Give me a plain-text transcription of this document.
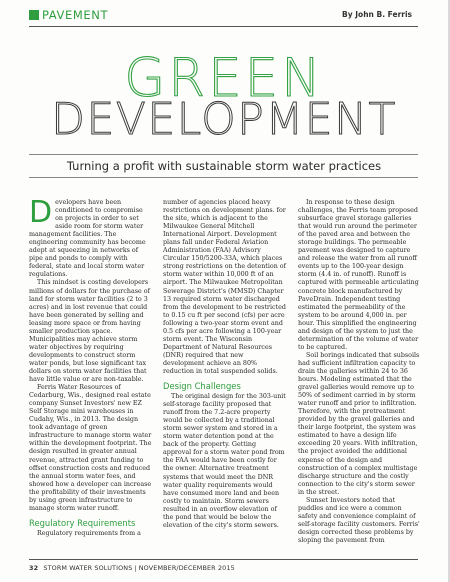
PAVEMENT	By John B. Ferris
GREEN
DEVELOPMENT
Turning a profit with sustainable storm water practices

Developers have been conditioned to compromise on projects in order to set aside room for storm water management facilities. The engineering community has become adept at squeezing in networks of pipe and ponds to comply with federal, state and local storm water regulations.

This mindset is costing developers millions of dollars for the purchase of land for storm water facilities (2 to 3 acres) and in lost revenue that could have been generated by selling and leasing more space or from having smaller production space. Municipalities may achieve storm water objectives by requiring developments to construct storm water ponds, but lose significant tax dollars on storm water facilities that have little value or are non-taxable.

Ferris Water Resources of Cedarburg, Wis., designed real estate company Sunset Investors' new EZ Self Storage mini warehouses in Cudahy, Wis., in 2013. The design took advantage of green infrastructure to manage storm water within the development footprint. The design resulted in greater annual revenue, attracted grant funding to offset construction costs and reduced the annual storm water fees, and showed how a developer can increase the profitability of their investments by using green infrastructure to manage storm water runoff.

Regulatory Requirements

Regulatory requirements from a

number of agencies placed heavy restrictions on development plans. for the site, which is adjacent to the Milwaukee General Mitchell International Airport. Development plans fall under Federal Aviation Administration (FAA) Advisory Circular 150/5200-33A, which places strong restrictions on the detention of storm water within 10,000 ft of an airport. The Milwaukee Metropolitan Sewerage District's (MMSD) Chapter 13 required storm water discharged from the development to be restricted to 0.15 cu ft per second (cfs) per acre following a two-year storm event and 0.5 cfs per acre following a 100-year storm event. The Wisconsin Department of Natural Resources (DNR) required that new development achieve an 80% reduction in total suspended solids.

Design Challenges

The original design for the 303-unit self-storage facility proposed that runoff from the 7.2-acre property would be collected by a traditional storm sewer system and stored in a storm water detention pond at the back of the property. Getting approval for a storm water pond from the FAA would have been costly for the owner. Alternative treatment systems that would meet the DNR water quality requirements would have consumed more land and been costly to maintain. Storm sewers resulted in an overflow elevation of the pond that would be below the elevation of the city's storm sewers.

In response to these design challenges, the Ferris team proposed subsurface gravel storage galleries that would run around the perimeter of the paved area and between the storage buildings. The permeable pavement was designed to capture and release the water from all runoff events up to the 100-year design storm (4.4 in. of runoff). Runoff is captured with permeable articulating concrete block manufactured by PaveDrain. Independent testing estimated the permeability of the system to be around 4,000 in. per hour. This simplified the engineering and design of the system to just the determination of the volume of water to be captured.

Soil borings indicated that subsoils had sufficient infiltration capacity to drain the galleries within 24 to 36 hours. Modeling estimated that the gravel galleries would remove up to 50% of sediment carried in by storm water runoff and prior to infiltration. Therefore, with the pretreatment provided by the gravel galleries and their large footprint, the system was estimated to have a design life exceeding 20 years. With infiltration, the project avoided the additional expense of the design and construction of a complex multistage discharge structure and the costly connection to the city's storm sewer in the street.

Sunset Investors noted that puddles and ice were a common safety and convenience complaint of self-storage facility customers. Ferris' design corrected these problems by sloping the pavement from

32 STORM WATER SOLUTIONS | NOVEMBER/DECEMBER 2015
